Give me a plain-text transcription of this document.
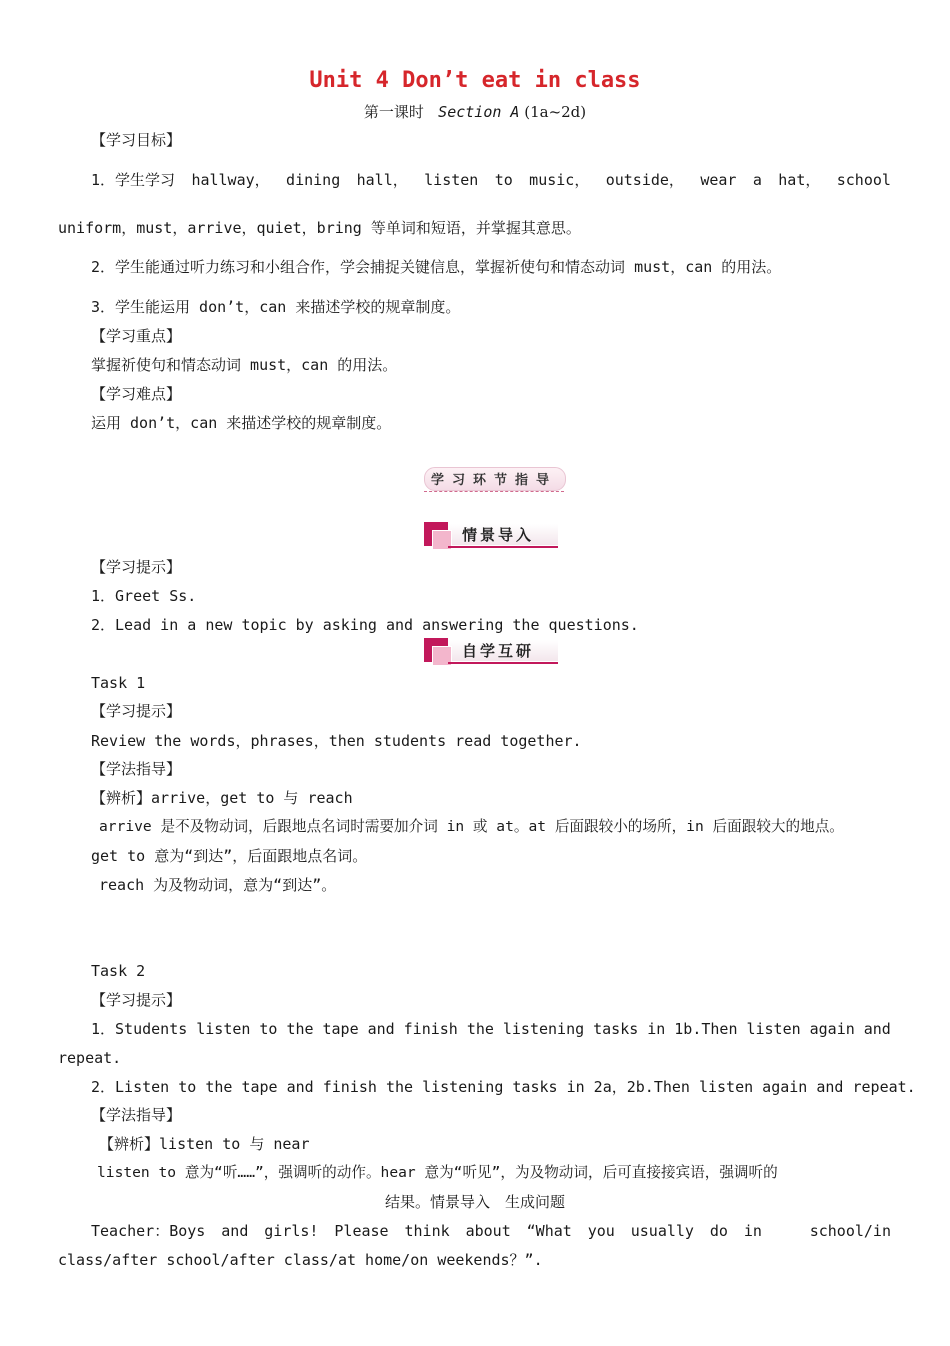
Unit 4 Don’t eat in class
第一课时 Section A (1a~2d)
【学习目标】
1．学生学习 hallway， dining hall， listen to music， outside， wear a hat， school
uniform，must，arrive，quiet，bring 等单词和短语，并掌握其意思。
2．学生能通过听力练习和小组合作，学会捕捉关键信息，掌握祈使句和情态动词 must，can 的用法。
3．学生能运用 don’t，can 来描述学校的规章制度。
【学习重点】
掌握祈使句和情态动词 must，can 的用法。
【学习难点】
运用 don’t，can 来描述学校的规章制度。
学习环节指导
情景导入
【学习提示】
1．Greet Ss.
2．Lead in a new topic by asking and answering the questions.
自学互研
Task 1
【学习提示】
Review the words，phrases，then students read together.
【学法指导】
【辨析】arrive，get to 与 reach
arrive 是不及物动词，后跟地点名词时需要加介词 in 或 at。at 后面跟较小的场所，in 后面跟较大的地点。
get to 意为“到达”，后面跟地点名词。
reach 为及物动词，意为“到达”。
Task 2
【学习提示】
1．Students listen to the tape and finish the listening tasks in 1b.Then listen again and
repeat.
2．Listen to the tape and finish the listening tasks in 2a，2b.Then listen again and repeat.
【学法指导】
【辨析】listen to 与 near
listen to 意为“听……”，强调听的动作。hear 意为“听见”，为及物动词，后可直接接宾语，强调听的
结果。情景导入　生成问题
Teacher：Boys and girls! Please think about “What you usually do in	school/in
class/after school/after class/at home/on weekends？”.
